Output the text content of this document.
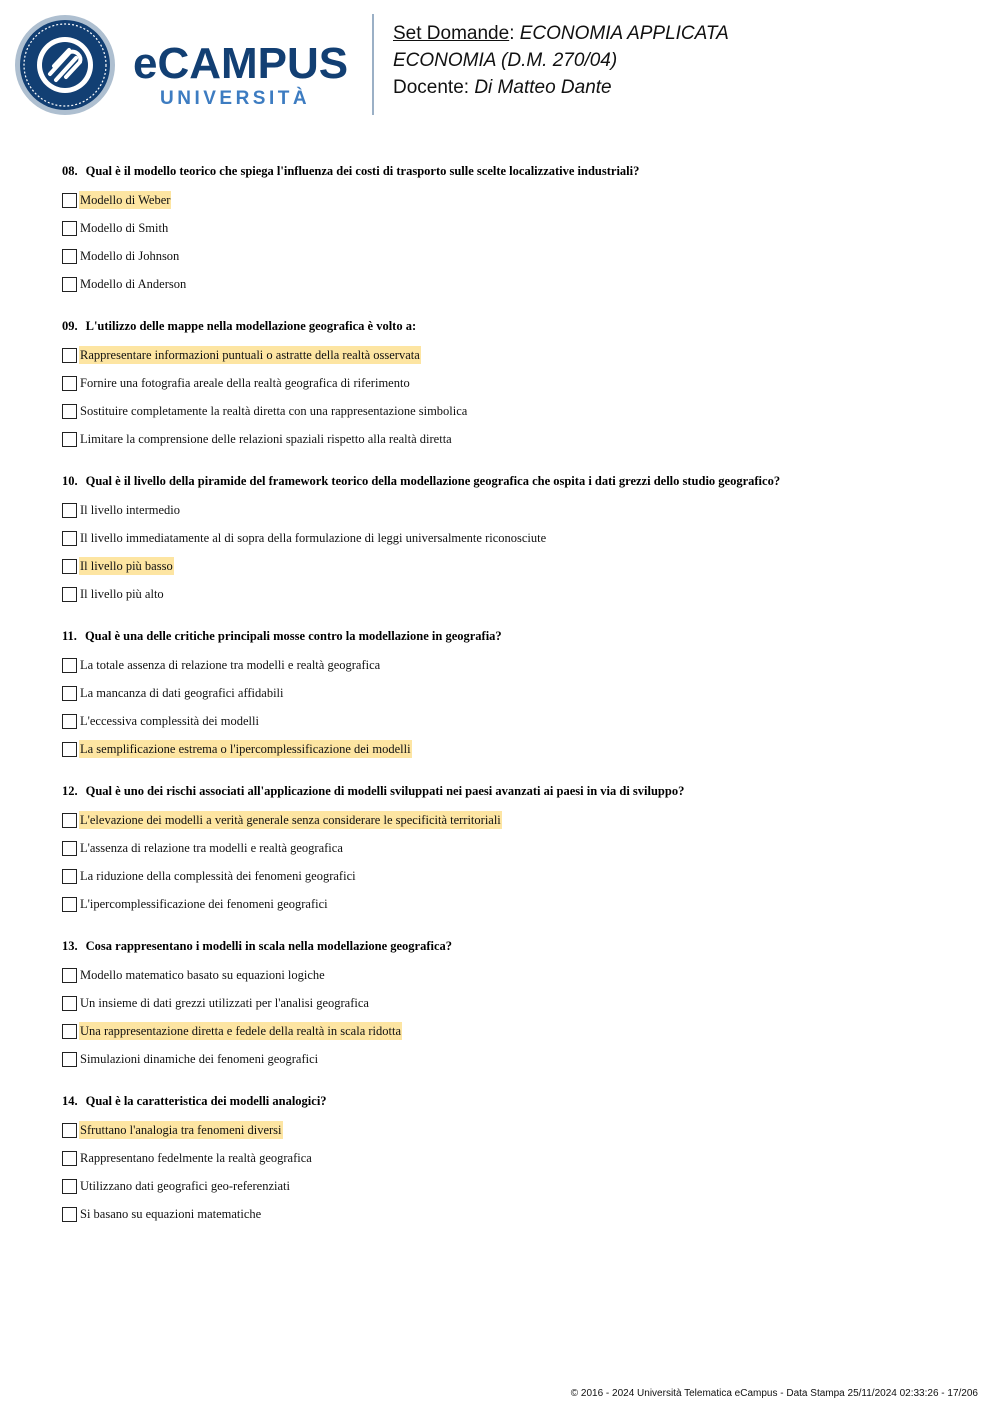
eCAMPUS
UNIVERSITÀ
Set Domande: ECONOMIA APPLICATA
ECONOMIA (D.M. 270/04)
Docente: Di Matteo Dante
08. Qual è il modello teorico che spiega l'influenza dei costi di trasporto sulle scelte localizzative industriali?
Modello di Weber
Modello di Smith
Modello di Johnson
Modello di Anderson
09. L'utilizzo delle mappe nella modellazione geografica è volto a:
Rappresentare informazioni puntuali o astratte della realtà osservata
Fornire una fotografia areale della realtà geografica di riferimento
Sostituire completamente la realtà diretta con una rappresentazione simbolica
Limitare la comprensione delle relazioni spaziali rispetto alla realtà diretta
10. Qual è il livello della piramide del framework teorico della modellazione geografica che ospita i dati grezzi dello studio geografico?
Il livello intermedio
Il livello immediatamente al di sopra della formulazione di leggi universalmente riconosciute
Il livello più basso
Il livello più alto
11. Qual è una delle critiche principali mosse contro la modellazione in geografia?
La totale assenza di relazione tra modelli e realtà geografica
La mancanza di dati geografici affidabili
L'eccessiva complessità dei modelli
La semplificazione estrema o l'ipercomplessificazione dei modelli
12. Qual è uno dei rischi associati all'applicazione di modelli sviluppati nei paesi avanzati ai paesi in via di sviluppo?
L'elevazione dei modelli a verità generale senza considerare le specificità territoriali
L'assenza di relazione tra modelli e realtà geografica
La riduzione della complessità dei fenomeni geografici
L'ipercomplessificazione dei fenomeni geografici
13. Cosa rappresentano i modelli in scala nella modellazione geografica?
Modello matematico basato su equazioni logiche
Un insieme di dati grezzi utilizzati per l'analisi geografica
Una rappresentazione diretta e fedele della realtà in scala ridotta
Simulazioni dinamiche dei fenomeni geografici
14. Qual è la caratteristica dei modelli analogici?
Sfruttano l'analogia tra fenomeni diversi
Rappresentano fedelmente la realtà geografica
Utilizzano dati geografici geo-referenziati
Si basano su equazioni matematiche
© 2016 - 2024 Università Telematica eCampus - Data Stampa 25/11/2024 02:33:26 - 17/206
